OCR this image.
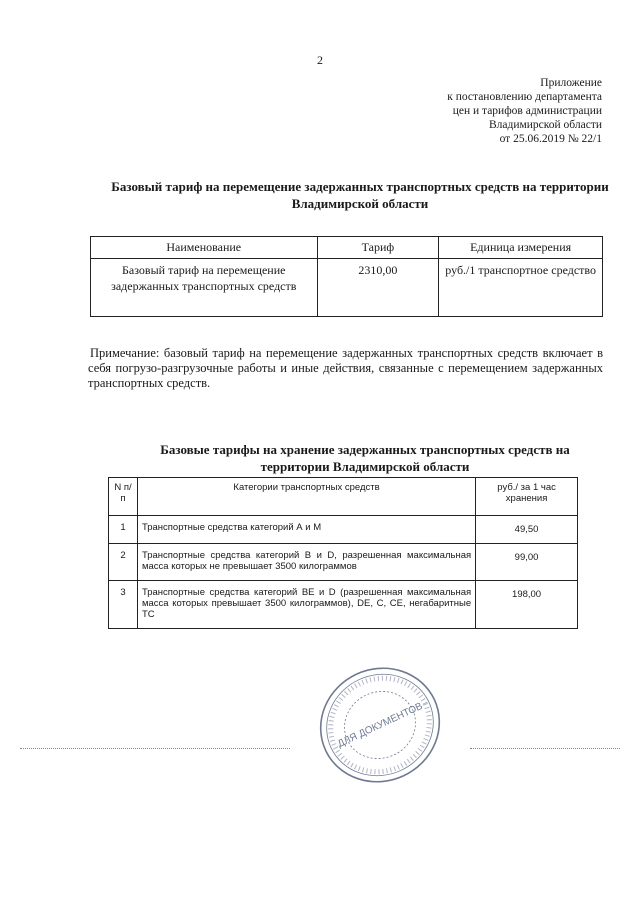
2
Приложение
к постановлению департамента
цен и тарифов администрации
Владимирской области
от 25.06.2019 № 22/1
Базовый тариф на перемещение задержанных транспортных средств на территории Владимирской области
Наименование	Тариф	Единица измерения
Базовый тариф на перемещение задержанных транспортных средств	2310,00	руб./1 транспортное средство
Примечание: базовый тариф на перемещение задержанных транспортных средств включает в себя погрузо-разгрузочные работы и иные действия, связанные с перемещением задержанных транспортных средств.
Базовые тарифы на хранение задержанных транспортных средств на территории Владимирской области
N п/п	Категории транспортных средств	руб./ за 1 час хранения
1	Транспортные средства категорий А и М	49,50
2	Транспортные средства категорий B и D, разрешенная максимальная масса которых не превышает 3500 килограммов	99,00
3	Транспортные средства категорий BE и D (разрешенная максимальная масса которых превышает 3500 килограммов), DE, C, CE, негабаритные ТС	198,00
ДЛЯ ДОКУМЕНТОВ
